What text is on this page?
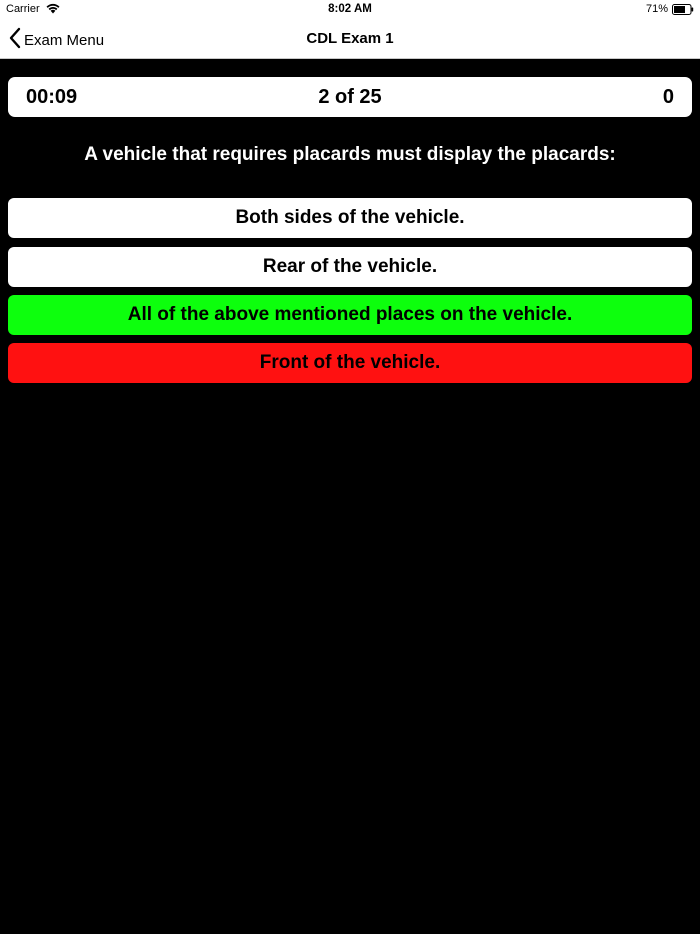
Carrier	8:02 AM	71%
Exam Menu	CDL Exam 1
00:09	2 of 25	0
A vehicle that requires placards must display the placards:
Both sides of the vehicle.
Rear of the vehicle.
All of the above mentioned places on the vehicle.
Front of the vehicle.
